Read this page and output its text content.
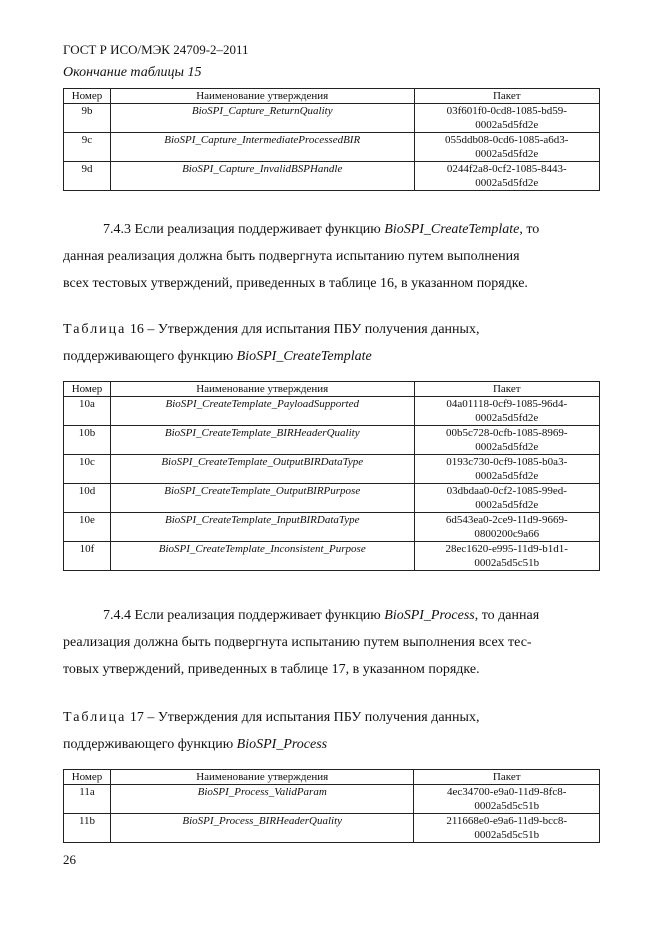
ГОСТ Р ИСО/МЭК 24709-2–2011
Окончание таблицы 15
Номер	Наименование утверждения	Пакет
9b	BioSPI_Capture_ReturnQuality	03f601f0-0cd8-1085-bd59-
0002a5d5fd2e

9c	BioSPI_Capture_IntermediateProcessedBIR	055ddb08-0cd6-1085-a6d3-
0002a5d5fd2e

9d	BioSPI_Capture_InvalidBSPHandle	0244f2a8-0cf2-1085-8443-
0002a5d5fd2e
7.4.3 Если реализация поддерживает функцию BioSPI_CreateTemplate, то
данная реализация должна быть подвергнута испытанию путем выполнения
всех тестовых утверждений, приведенных в таблице 16, в указанном порядке.
Таблица 16 – Утверждения для испытания ПБУ получения данных,
поддерживающего функцию BioSPI_CreateTemplate
Номер	Наименование утверждения	Пакет
10a	BioSPI_CreateTemplate_PayloadSupported	04a01118-0cf9-1085-96d4-
0002a5d5fd2e

10b	BioSPI_CreateTemplate_BIRHeaderQuality	00b5c728-0cfb-1085-8969-
0002a5d5fd2e

10c	BioSPI_CreateTemplate_OutputBIRDataType	0193c730-0cf9-1085-b0a3-
0002a5d5fd2e

10d	BioSPI_CreateTemplate_OutputBIRPurpose	03dbdaa0-0cf2-1085-99ed-
0002a5d5fd2e

10e	BioSPI_CreateTemplate_InputBIRDataType	6d543ea0-2ce9-11d9-9669-
0800200c9a66

10f	BioSPI_CreateTemplate_Inconsistent_Purpose	28ec1620-e995-11d9-b1d1-
0002a5d5c51b
7.4.4 Если реализация поддерживает функцию BioSPI_Process, то данная
реализация должна быть подвергнута испытанию путем выполнения всех тес-
товых утверждений, приведенных в таблице 17, в указанном порядке.
Таблица 17 – Утверждения для испытания ПБУ получения данных,
поддерживающего функцию BioSPI_Process
Номер	Наименование утверждения	Пакет
11a	BioSPI_Process_ValidParam	4ec34700-e9a0-11d9-8fc8-
0002a5d5c51b

11b	BioSPI_Process_BIRHeaderQuality	211668e0-e9a6-11d9-bcc8-
0002a5d5c51b
26
